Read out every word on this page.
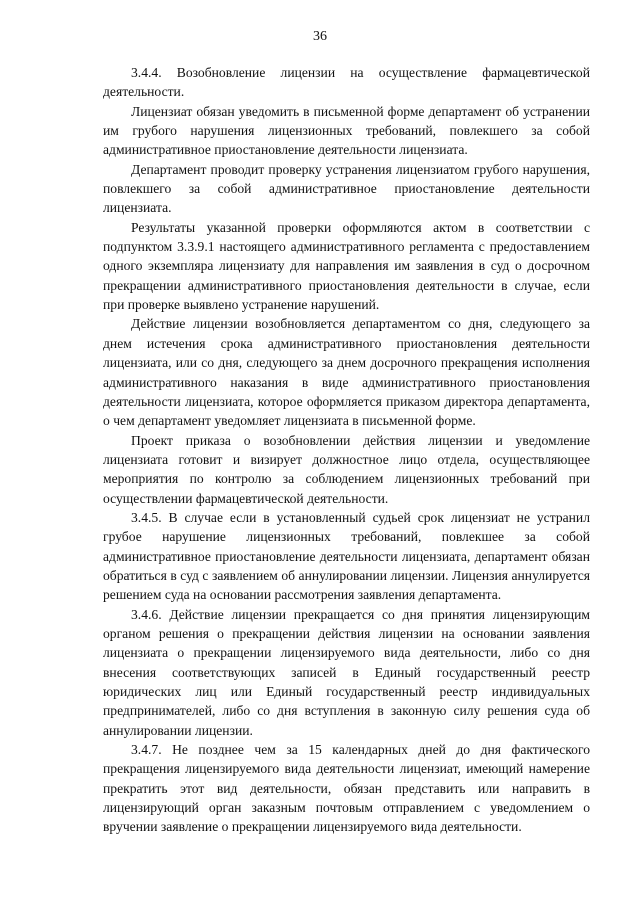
36

3.4.4. Возобновление лицензии на осуществление фармацевтической деятельности.

Лицензиат обязан уведомить в письменной форме департамент об устранении им грубого нарушения лицензионных требований, повлекшего за собой административное приостановление деятельности лицензиата.

Департамент проводит проверку устранения лицензиатом грубого нарушения, повлекшего за собой административное приостановление деятельности лицензиата.

Результаты указанной проверки оформляются актом в соответствии с подпунктом 3.3.9.1 настоящего административного регламента с предоставлением одного экземпляра лицензиату для направления им заявления в суд о досрочном прекращении административного приостановления деятельности в случае, если при проверке выявлено устранение нарушений.

Действие лицензии возобновляется департаментом со дня, следующего за днем истечения срока административного приостановления деятельности лицензиата, или со дня, следующего за днем досрочного прекращения исполнения административного наказания в виде административного приостановления деятельности лицензиата, которое оформляется приказом директора департамента, о чем департамент уведомляет лицензиата в письменной форме.

Проект приказа о возобновлении действия лицензии и уведомление лицензиата готовит и визирует должностное лицо отдела, осуществляющее мероприятия по контролю за соблюдением лицензионных требований при осуществлении фармацевтической деятельности.

3.4.5. В случае если в установленный судьей срок лицензиат не устранил грубое нарушение лицензионных требований, повлекшее за собой административное приостановление деятельности лицензиата, департамент обязан обратиться в суд с заявлением об аннулировании лицензии. Лицензия аннулируется решением суда на основании рассмотрения заявления департамента.

3.4.6. Действие лицензии прекращается со дня принятия лицензирующим органом решения о прекращении действия лицензии на основании заявления лицензиата о прекращении лицензируемого вида деятельности, либо со дня внесения соответствующих записей в Единый государственный реестр юридических лиц или Единый государственный реестр индивидуальных предпринимателей, либо со дня вступления в законную силу решения суда об аннулировании лицензии.

3.4.7. Не позднее чем за 15 календарных дней до дня фактического прекращения лицензируемого вида деятельности лицензиат, имеющий намерение прекратить этот вид деятельности, обязан представить или направить в лицензирующий орган заказным почтовым отправлением с уведомлением о вручении заявление о прекращении лицензируемого вида деятельности.
